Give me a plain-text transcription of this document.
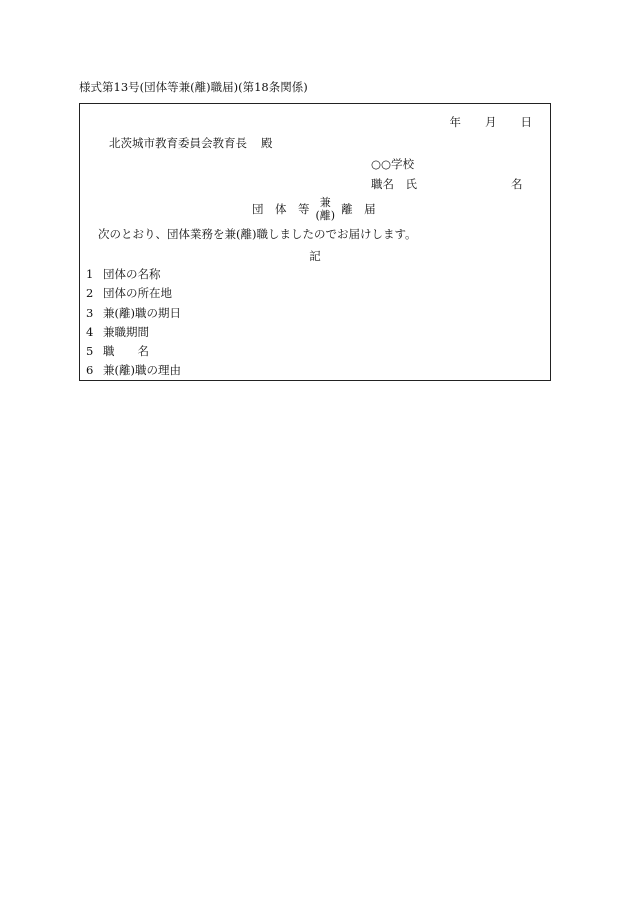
様式第13号(団体等兼(離)職届)(第18条関係)
年 月 日
北茨城市教育委員会教育長 殿
○○学校
職名　氏	名
団　体　等 兼
(離) 離　届
次のとおり、団体業務を兼(離)職しましたのでお届けします。
記
1 団体の名称
2 団体の所在地
3 兼(離)職の期日
4 兼職期間
5 職　　名
6 兼(離)職の理由
